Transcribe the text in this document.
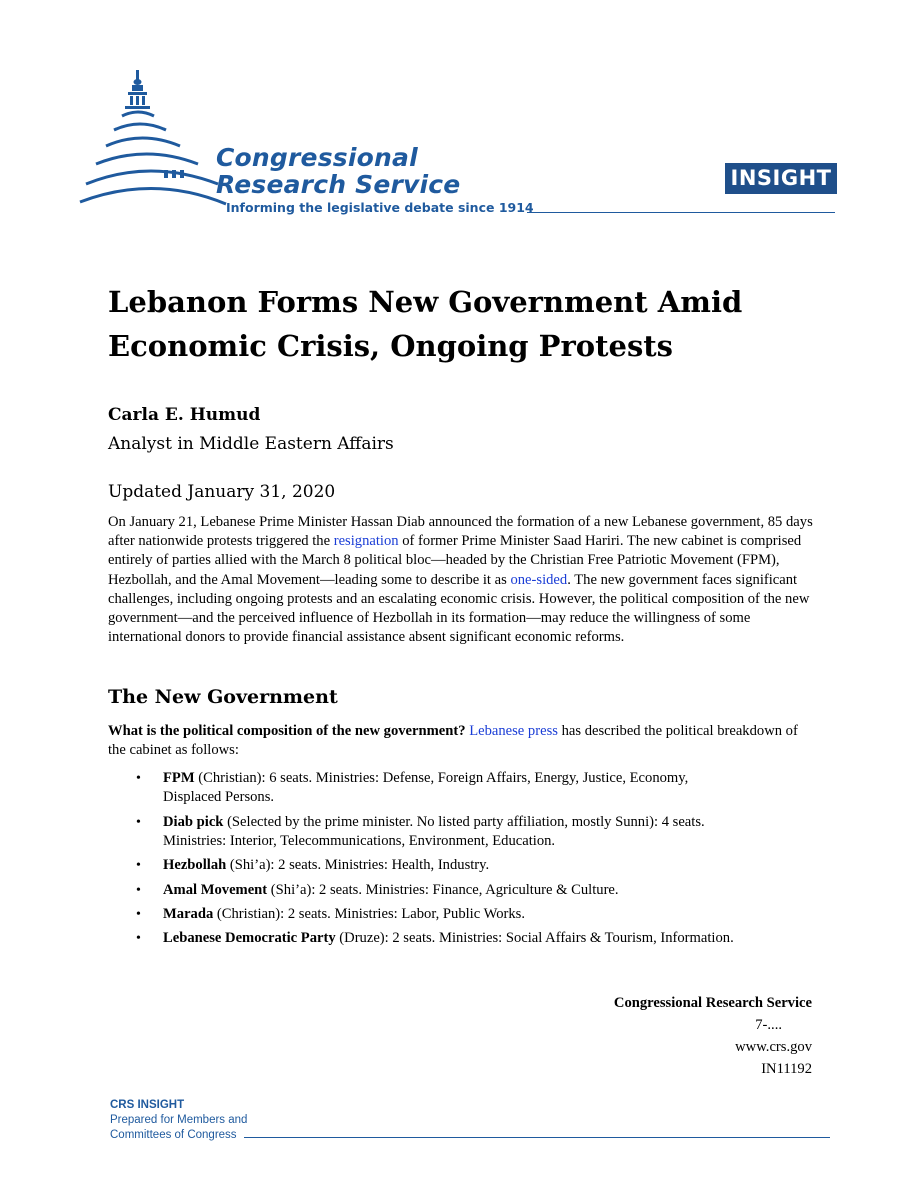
Congressional
Research Service
Informing the legislative debate since 1914
INSIGHT
Lebanon Forms New Government Amid Economic Crisis, Ongoing Protests
Carla E. Humud
Analyst in Middle Eastern Affairs
Updated January 31, 2020

On January 21, Lebanese Prime Minister Hassan Diab announced the formation of a new Lebanese government, 85 days after nationwide protests triggered the resignation of former Prime Minister Saad Hariri. The new cabinet is comprised entirely of parties allied with the March 8 political bloc—headed by the Christian Free Patriotic Movement (FPM), Hezbollah, and the Amal Movement—leading some to describe it as one-sided. The new government faces significant challenges, including ongoing protests and an escalating economic crisis. However, the political composition of the new government—and the perceived influence of Hezbollah in its formation—may reduce the willingness of some international donors to provide financial assistance absent significant economic reforms.

The New Government

What is the political composition of the new government? Lebanese press has described the political breakdown of the cabinet as follows:

• FPM (Christian): 6 seats. Ministries: Defense, Foreign Affairs, Energy, Justice, Economy, Displaced Persons.
• Diab pick (Selected by the prime minister. No listed party affiliation, mostly Sunni): 4 seats. Ministries: Interior, Telecommunications, Environment, Education.
• Hezbollah (Shi’a): 2 seats. Ministries: Health, Industry.
• Amal Movement (Shi’a): 2 seats. Ministries: Finance, Agriculture & Culture.
• Marada (Christian): 2 seats. Ministries: Labor, Public Works.
• Lebanese Democratic Party (Druze): 2 seats. Ministries: Social Affairs & Tourism, Information.
Congressional Research Service
7-....
www.crs.gov
IN11192
CRS INSIGHT
Prepared for Members and
Committees of Congress
